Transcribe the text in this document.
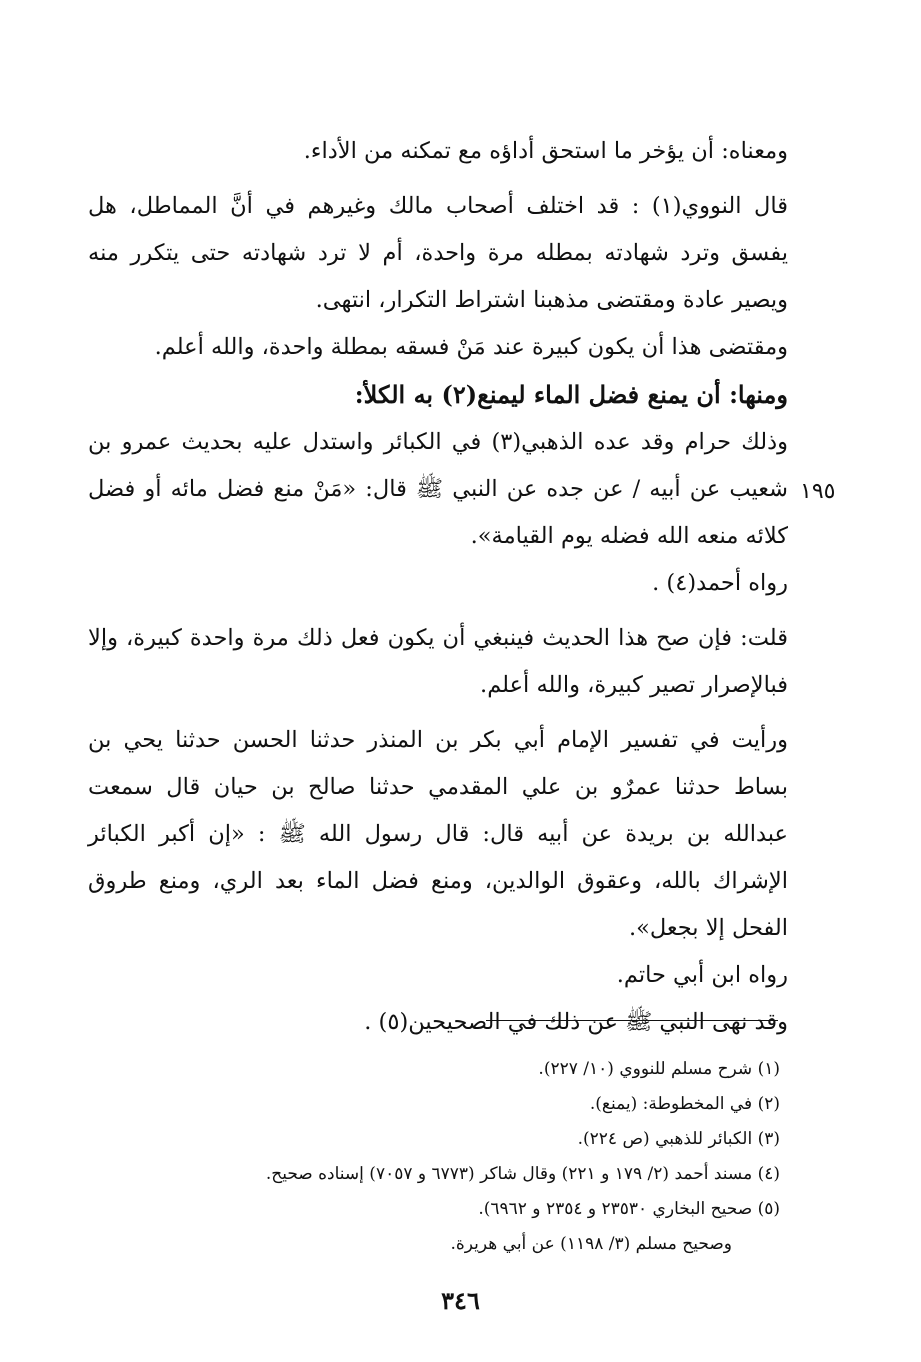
ومعناه: أن يؤخر ما استحق أداؤه مع تمكنه من الأداء.

قال النووي(١) : قد اختلف أصحاب مالك وغيرهم في أنَّ المماطل، هل يفسق وترد شهادته بمطله مرة واحدة، أم لا ترد شهادته حتى يتكرر منه ويصير عادة ومقتضى مذهبنا اشتراط التكرار، انتهى.

ومقتضى هذا أن يكون كبيرة عند مَنْ فسقه بمطلة واحدة، والله أعلم.

ومنها: أن يمنع فضل الماء ليمنع(٢) به الكلأ:

وذلك حرام وقد عده الذهبي(٣) في الكبائر واستدل عليه بحديث عمرو بن شعيب عن أبيه / عن جده عن النبي ﷺ قال: «مَنْ منع فضل مائه أو فضل كلائه منعه الله فضله يوم القيامة».

رواه أحمد(٤) .

قلت: فإن صح هذا الحديث فينبغي أن يكون فعل ذلك مرة واحدة كبيرة، وإلا فبالإصرار تصير كبيرة، والله أعلم.

ورأيت في تفسير الإمام أبي بكر بن المنذر حدثنا الحسن حدثنا يحي بن بساط حدثنا عمرٌو بن علي المقدمي حدثنا صالح بن حيان قال سمعت عبدالله بن بريدة عن أبيه قال: قال رسول الله ﷺ : «إن أكبر الكبائر الإشراك بالله، وعقوق الوالدين، ومنع فضل الماء بعد الري، ومنع طروق الفحل إلا بجعل».

رواه ابن أبي حاتم.

وقد نهى النبي ﷺ عن ذلك في الصحيحين(٥) .

١٩٥

(١) شرح مسلم للنووي (١٠/ ٢٢٧).

(٢) في المخطوطة: (يمنع).

(٣) الكبائر للذهبي (ص ٢٢٤).

(٤) مسند أحمد (٢/ ١٧٩ و ٢٢١) وقال شاكر (٦٧٧٣ و ٧٠٥٧) إسناده صحيح.

(٥) صحيح البخاري ٢٣٥٣٠ و ٢٣٥٤ و ٦٩٦٢).

وصحيح مسلم (٣/ ١١٩٨) عن أبي هريرة.

٣٤٦
